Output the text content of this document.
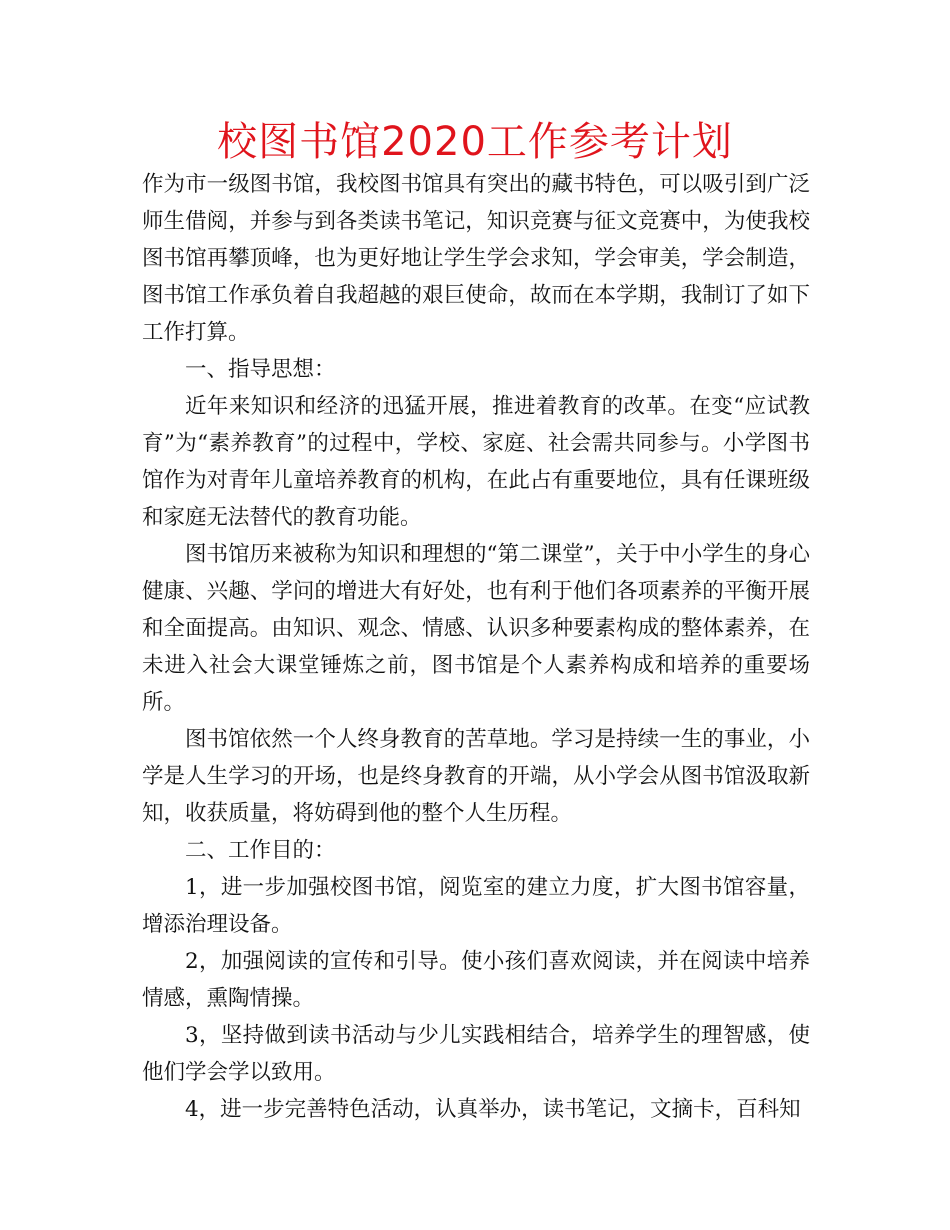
校图书馆2020工作参考计划

作为市一级图书馆，我校图书馆具有突出的藏书特色，可以吸引到广泛师生借阅，并参与到各类读书笔记，知识竞赛与征文竞赛中，为使我校图书馆再攀顶峰，也为更好地让学生学会求知，学会审美，学会制造，图书馆工作承负着自我超越的艰巨使命，故而在本学期，我制订了如下工作打算。

一、指导思想：

近年来知识和经济的迅猛开展，推进着教育的改革。在变“应试教育”为“素养教育”的过程中，学校、家庭、社会需共同参与。小学图书馆作为对青年儿童培养教育的机构，在此占有重要地位，具有任课班级和家庭无法替代的教育功能。

图书馆历来被称为知识和理想的“第二课堂”，关于中小学生的身心健康、兴趣、学问的增进大有好处，也有利于他们各项素养的平衡开展和全面提高。由知识、观念、情感、认识多种要素构成的整体素养，在未进入社会大课堂锤炼之前，图书馆是个人素养构成和培养的重要场所。

图书馆依然一个人终身教育的苦草地。学习是持续一生的事业，小学是人生学习的开场，也是终身教育的开端，从小学会从图书馆汲取新知，收获质量，将妨碍到他的整个人生历程。

二、工作目的：

1，进一步加强校图书馆，阅览室的建立力度，扩大图书馆容量，增添治理设备。

2，加强阅读的宣传和引导。使小孩们喜欢阅读，并在阅读中培养情感，熏陶情操。

3，坚持做到读书活动与少儿实践相结合，培养学生的理智感，使他们学会学以致用。

4，进一步完善特色活动，认真举办，读书笔记，文摘卡，百科知
